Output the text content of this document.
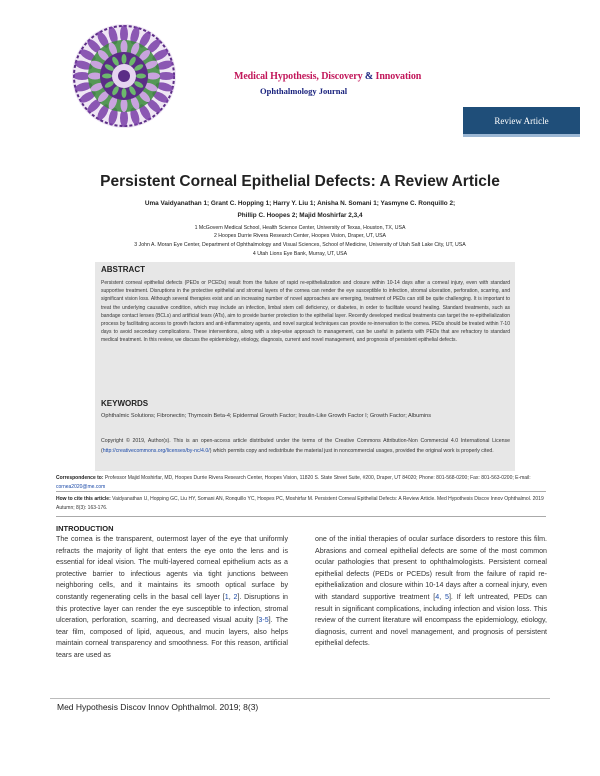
Medical Hypothesis, Discovery & Innovation
Ophthalmology Journal
Review Article
Persistent Corneal Epithelial Defects: A Review Article
Uma Vaidyanathan 1; Grant C. Hopping 1; Harry Y. Liu 1; Anisha N. Somani 1; Yasmyne C. Ronquillo 2;
Phillip C. Hoopes 2; Majid Moshirfar 2,3,4
1 McGovern Medical School, Health Science Center, University of Texas, Houston, TX, USA
2 Hoopes Durrie Rivera Research Center, Hoopes Vision, Draper, UT, USA
3 John A. Moran Eye Center, Department of Ophthalmology and Visual Sciences, School of Medicine, University of Utah Salt Lake City, UT, USA
4 Utah Lions Eye Bank, Murray, UT, USA
ABSTRACT
Persistent corneal epithelial defects (PEDs or PCEDs) result from the failure of rapid re-epithelialization and closure within 10-14 days after a corneal injury, even with standard supportive treatment. Disruptions in the protective epithelial and stromal layers of the cornea can render the eye susceptible to infection, stromal ulceration, perforation, scarring, and significant vision loss. Although several therapies exist and an increasing number of novel approaches are emerging, treatment of PEDs can still be quite challenging. It is important to treat the underlying causative condition, which may include an infection, limbal stem cell deficiency, or diabetes, in order to facilitate wound healing. Standard treatments, such as bandage contact lenses (BCLs) and artificial tears (ATs), aim to provide barrier protection to the epithelial layer. Recently developed medical treatments can target the re-epithelialization process by facilitating access to growth factors and anti-inflammatory agents, and novel surgical techniques can provide re-innervation to the cornea. PEDs should be treated within 7-10 days to avoid secondary complications. These interventions, along with a step-wise approach to management, can be useful in patients with PEDs that are refractory to standard medical treatment. In this review, we discuss the epidemiology, etiology, diagnosis, current and novel management, and prognosis of persistent epithelial defects.
KEYWORDS
Ophthalmic Solutions; Fibronectin; Thymosin Beta-4; Epidermal Growth Factor; Insulin-Like Growth Factor I; Growth Factor; Albumins
Copyright © 2019, Author(s). This is an open-access article distributed under the terms of the Creative Commons Attribution-Non Commercial 4.0 International License (http://creativecommons.org/licenses/by-nc/4.0/) which permits copy and redistribute the material just in noncommercial usages, provided the original work is properly cited.
Correspondence to: Professor Majid Moshirfar, MD, Hoopes Durrie Rivera Research Center, Hoopes Vision, 11820 S. State Street Suite, #200, Draper, UT 84020; Phone: 801-568-0200; Fax: 801-563-0200; E-mail: cornea2020@me.com
How to cite this article: Vaidyanathan U, Hopping GC, Liu HY, Somani AN, Ronquillo YC, Hoopes PC, Moshirfar M. Persistent Corneal Epithelial Defects: A Review Article. Med Hypothesis Discov Innov Ophthalmol. 2019 Autumn; 8(3): 163-176.
INTRODUCTION
The cornea is the transparent, outermost layer of the eye that uniformly refracts the majority of light that enters the eye onto the lens and is essential for ideal vision. The multi-layered corneal epithelium acts as a protective barrier to infectious agents via tight junctions between neighboring cells, and it maintains its smooth optical surface by constantly regenerating cells in the basal cell layer [1, 2]. Disruptions in this protective layer can render the eye susceptible to infection, stromal ulceration, perforation, scarring, and decreased visual acuity [3-5]. The tear film, composed of lipid, aqueous, and mucin layers, also helps maintain corneal transparency and smoothness. For this reason, artificial tears are used as
one of the initial therapies of ocular surface disorders to restore this film. Abrasions and corneal epithelial defects are some of the most common ocular pathologies that present to ophthalmologists. Persistent corneal epithelial defects (PEDs or PCEDs) result from the failure of rapid re-epithelialization and closure within 10-14 days after a corneal injury, even with standard supportive treatment [4, 5]. If left untreated, PEDs can result in significant complications, including infection and vision loss. This review of the current literature will encompass the epidemiology, etiology, diagnosis, current and novel management, and prognosis of persistent epithelial defects.
Med Hypothesis Discov Innov Ophthalmol. 2019; 8(3)
